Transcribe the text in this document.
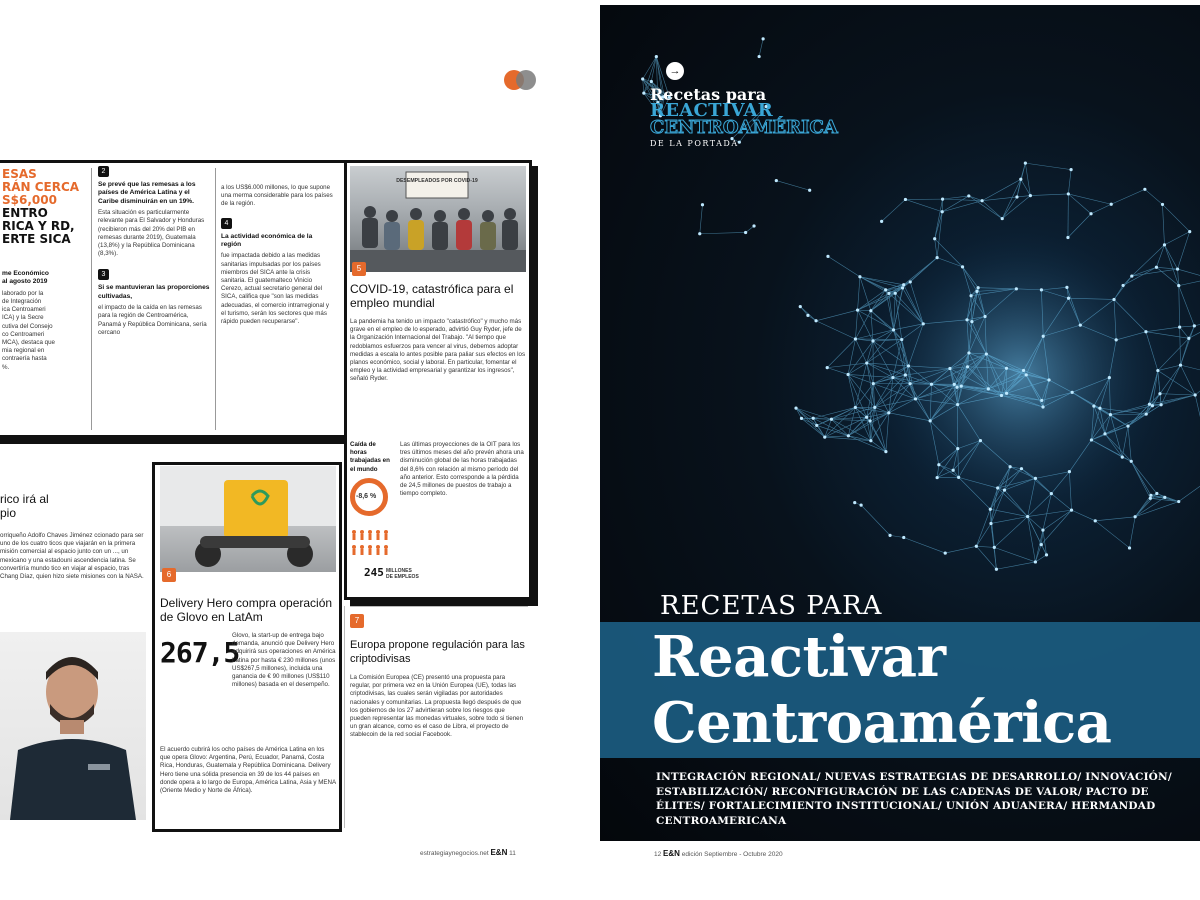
ESAS
RÁN CERCA
S$6,000
ENTRO
RICA Y RD,
ERTE SICA
me Económico
al agosto 2019
laborado por la
de Integración
ica Centroameri
ICA) y la Secre
cutiva del Consejo
co Centroameri
MCA), destaca que
mia regional en
contraería hasta
%.
2
Se prevé que las remesas a los países de América Latina y el Caribe disminuirán en un 19%.

Esta situación es particularmente relevante para El Salvador y Honduras (recibieron más del 20% del PIB en remesas durante 2019), Guatemala (13,8%) y la República Dominicana (8,3%).

3
Si se mantuvieran las proporciones cultivadas,

el impacto de la caída en las remesas para la región de Centroamérica, Panamá y República Dominicana, sería cercano

a los US$6.000 millones, lo que supone una merma considerable para los países de la región.

4
La actividad económica de la región

fue impactada debido a las medidas sanitarias impulsadas por los países miembros del SICA ante la crisis sanitaria. El guatemalteco Vinicio Cerezo, actual secretario general del SICA, califica que "son las medidas adecuadas, el comercio intrarregional y el turismo, serán los sectores que más rápido pueden recuperarse".

DESEMPLEADOS POR COVID-19
5
COVID-19, catastrófica para el empleo mundial
La pandemia ha tenido un impacto "catastrófico" y mucho más grave en el empleo de lo esperado, advirtió Guy Ryder, jefe de la Organización Internacional del Trabajo. "Al tiempo que redoblamos esfuerzos para vencer al virus, debemos adoptar medidas a escala lo antes posible para paliar sus efectos en los planos económico, social y laboral. En particular, fomentar el empleo y la actividad empresarial y garantizar los ingresos", señaló Ryder.
Caída de horas trabajadas en el mundo
-8,6 %
245 MILLONES DE EMPLEOS
Las últimas proyecciones de la OIT para los tres últimos meses del año prevén ahora una disminución global de las horas trabajadas del 8,6% con relación al mismo período del año anterior. Esto corresponde a la pérdida de 24,5 millones de puestos de trabajo a tiempo completo.
7
Europa propone regulación para las criptodivisas
La Comisión Europea (CE) presentó una propuesta para regular, por primera vez en la Unión Europea (UE), todas las criptodivisas, las cuales serán vigiladas por autoridades nacionales y comunitarias. La propuesta llegó después de que los gobiernos de los 27 advirtieran sobre los riesgos que pueden representar las monedas virtuales, sobre todo si tienen un gran alcance, como es el caso de Libra, el proyecto de stablecoin de la red social Facebook.
rico irá al
pio
orriqueño Adolfo Chaves Jiménez ccionado para ser uno de los cuatro ticos que viajarán en la primera misión comercial al espacio junto con un ..., un mexicano y una estadouni ascendencia latina. Se convertiría mundo tico en viajar al espacio, tras Chang Díaz, quien hizo siete misiones con la NASA.	6
Delivery Hero compra operación de Glovo en LatAm
267,5
Glovo, la start-up de entrega bajo demanda, anunció que Delivery Hero adquirirá sus operaciones en América Latina por hasta € 230 millones (unos US$267,5 millones), incluida una ganancia de € 90 millones (US$110 millones) basada en el desempeño.
El acuerdo cubrirá los ocho países de América Latina en los que opera Glovo: Argentina, Perú, Ecuador, Panamá, Costa Rica, Honduras, Guatemala y República Dominicana. Delivery Hero tiene una sólida presencia en 39 de los 44 países en donde opera a lo largo de Europa, América Latina, Asia y MENA (Oriente Medio y Norte de África).
estrategiaynegocios.net E&N 11
→
Recetas para
REACTIVAR
CENTROAMÉRICA
DE LA PORTADA
RECETAS PARA
Reactivar
Centroamérica
INTEGRACIÓN REGIONAL/ NUEVAS ESTRATEGIAS DE DESARROLLO/ INNOVACIÓN/ ESTABILIZACIÓN/ RECONFIGURACIÓN DE LAS CADENAS DE VALOR/ PACTO DE ÉLITES/ FORTALECIMIENTO INSTITUCIONAL/ UNIÓN ADUANERA/ HERMANDAD CENTROAMERICANA
12 E&N edición Septiembre - Octubre 2020
